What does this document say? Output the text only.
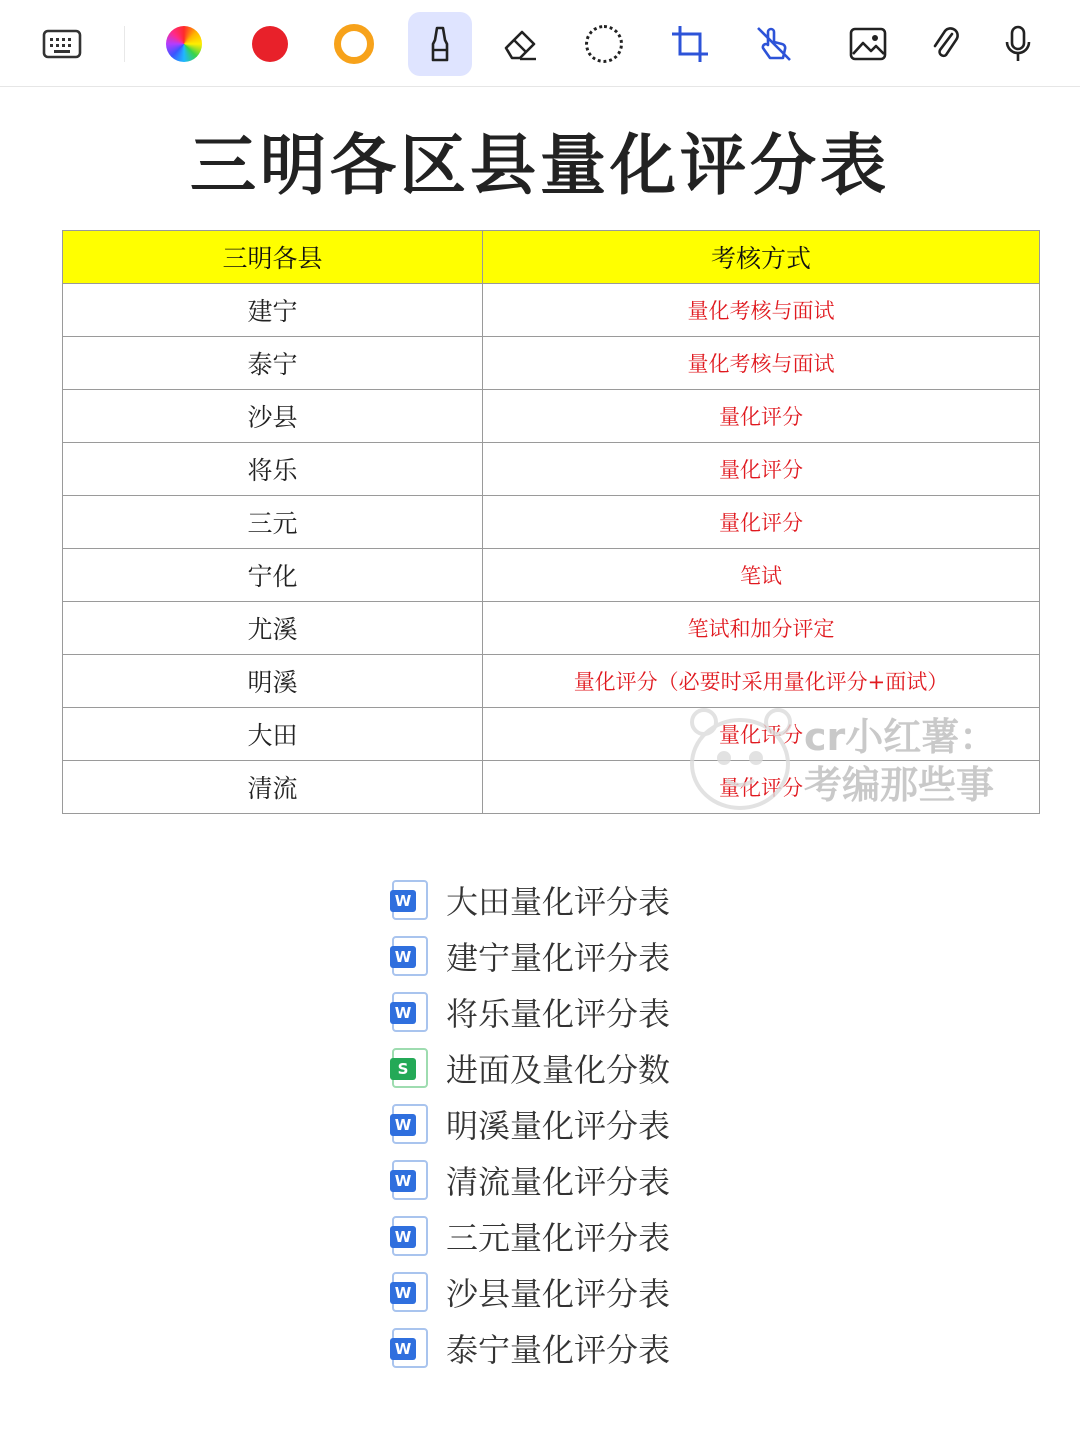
三明各区县量化评分表
三明各县	考核方式
建宁	量化考核与面试
泰宁	量化考核与面试
沙县	量化评分
将乐	量化评分
三元	量化评分
宁化	笔试
尤溪	笔试和加分评定
明溪	量化评分（必要时采用量化评分+面试）
大田	量化评分
清流	量化评分
cr小红薯：
考编那些事
W 大田量化评分表
W 建宁量化评分表
W 将乐量化评分表
S 进面及量化分数
W 明溪量化评分表
W 清流量化评分表
W 三元量化评分表
W 沙县量化评分表
W 泰宁量化评分表
